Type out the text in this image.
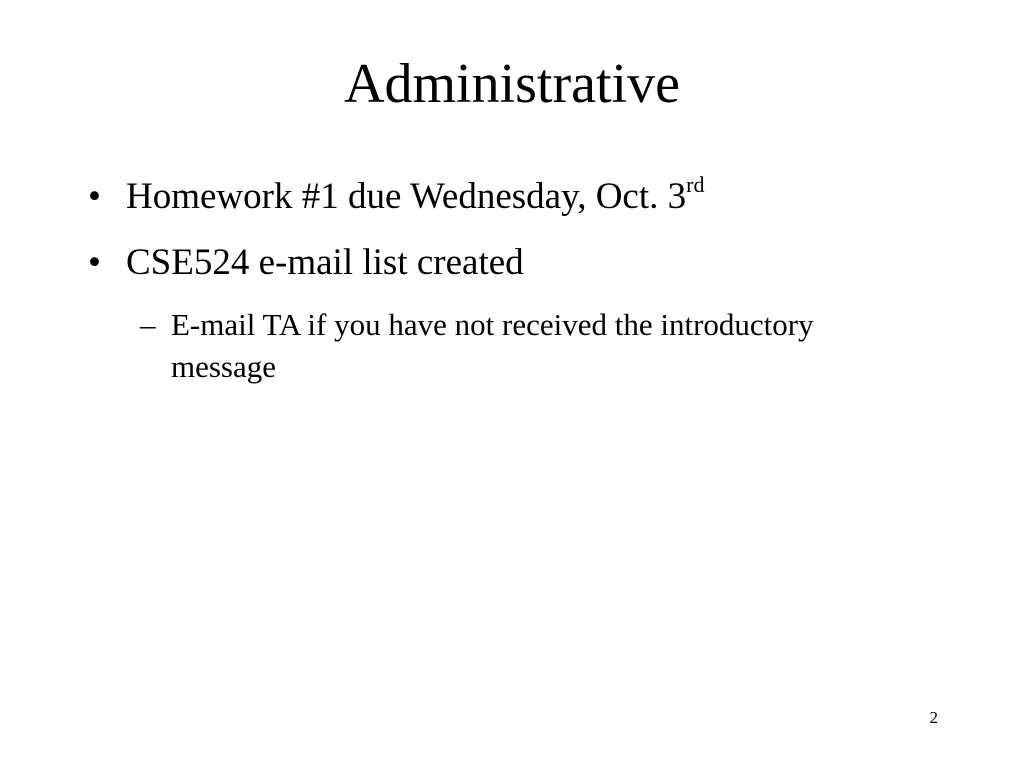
Administrative
• Homework #1 due Wednesday, Oct. 3rd
• CSE524 e-mail list created
– E-mail TA if you have not received the introductory message
2
